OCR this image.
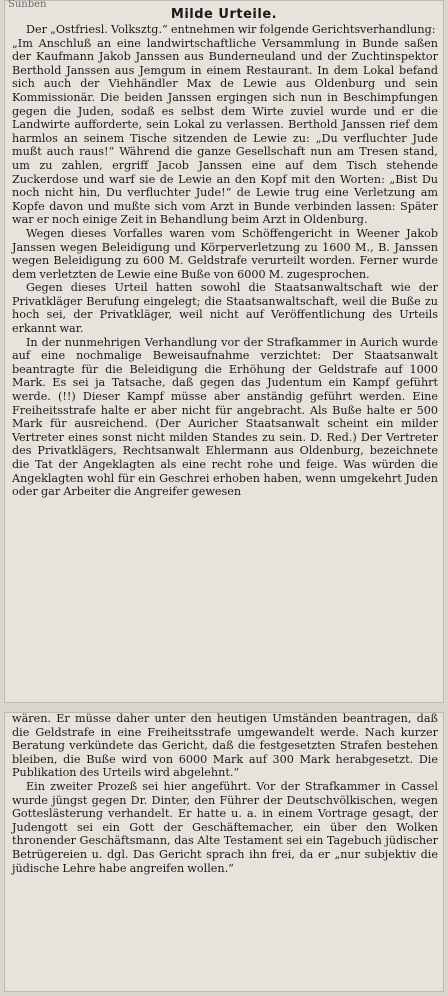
Sunben

Milde Urteile.

Der „Ostfriesl. Volksztg.“ entnehmen wir folgende Gerichtsverhandlung:
„Im Anschluß an eine landwirtschaftliche Versammlung in Bunde saßen der Kaufmann Jakob Janssen aus Bunderneuland und der Zuchtinspektor Berthold Janssen aus Jemgum in einem Restaurant. In dem Lokal befand sich auch der Viehhändler Max de Lewie aus Oldenburg und sein Kommissionär. Die beiden Janssen ergingen sich nun in Beschimpfungen gegen die Juden, sodaß es selbst dem Wirte zuviel wurde und er die Landwirte aufforderte, sein Lokal zu verlassen. Berthold Janssen rief dem harmlos an seinem Tische sitzenden de Lewie zu: „Du verfluchter Jude mußt auch raus!“ Während die ganze Gesellschaft nun am Tresen stand, um zu zahlen, ergriff Jacob Janssen eine auf dem Tisch stehende Zuckerdose und warf sie de Lewie an den Kopf mit den Worten: „Bist Du noch nicht hin, Du verfluchter Jude!“ de Lewie trug eine Verletzung am Kopfe davon und mußte sich vom Arzt in Bunde verbinden lassen: Später war er noch einige Zeit in Behandlung beim Arzt in Oldenburg.

Wegen dieses Vorfalles waren vom Schöffengericht in Weener Jakob Janssen wegen Beleidigung und Körperverletzung zu 1600 M., B. Janssen wegen Beleidigung zu 600 M. Geldstrafe verurteilt worden. Ferner wurde dem verletzten de Lewie eine Buße von 6000 M. zugesprochen.

Gegen dieses Urteil hatten sowohl die Staatsanwaltschaft wie der Privatkläger Berufung eingelegt; die Staatsanwaltschaft, weil die Buße zu hoch sei, der Privatkläger, weil nicht auf Veröffentlichung des Urteils erkannt war.

In der nunmehrigen Verhandlung vor der Strafkammer in Aurich wurde auf eine nochmalige Beweisaufnahme verzichtet: Der Staatsanwalt beantragte für die Beleidigung die Erhöhung der Geldstrafe auf 1000 Mark. Es sei ja Tatsache, daß gegen das Judentum ein Kampf geführt werde. (!!) Dieser Kampf müsse aber anständig geführt werden. Eine Freiheitsstrafe halte er aber nicht für angebracht. Als Buße halte er 500 Mark für ausreichend. (Der Auricher Staatsanwalt scheint ein milder Vertreter eines sonst nicht milden Standes zu sein. D. Red.) Der Vertreter des Privatklägers, Rechtsanwalt Ehlermann aus Oldenburg, bezeichnete die Tat der Angeklagten als eine recht rohe und feige. Was würden die Angeklagten wohl für ein Geschrei erhoben haben, wenn umgekehrt Juden oder gar Arbeiter die Angreifer gewesen

wären. Er müsse daher unter den heutigen Umständen beantragen, daß die Geldstrafe in eine Freiheitsstrafe umgewandelt werde. Nach kurzer Beratung verkündete das Gericht, daß die festgesetzten Strafen bestehen bleiben, die Buße wird von 6000 Mark auf 300 Mark herabgesetzt. Die Publikation des Urteils wird abgelehnt.“

Ein zweiter Prozeß sei hier angeführt. Vor der Strafkammer in Cassel wurde jüngst gegen Dr. Dinter, den Führer der Deutschvölkischen, wegen Gotteslästerung verhandelt. Er hatte u. a. in einem Vortrage gesagt, der Judengott sei ein Gott der Geschäftemacher, ein über den Wolken thronender Geschäftsmann, das Alte Testament sei ein Tagebuch jüdischer Betrügereien u. dgl. Das Gericht sprach ihn frei, da er „nur subjektiv die jüdische Lehre habe angreifen wollen.“
